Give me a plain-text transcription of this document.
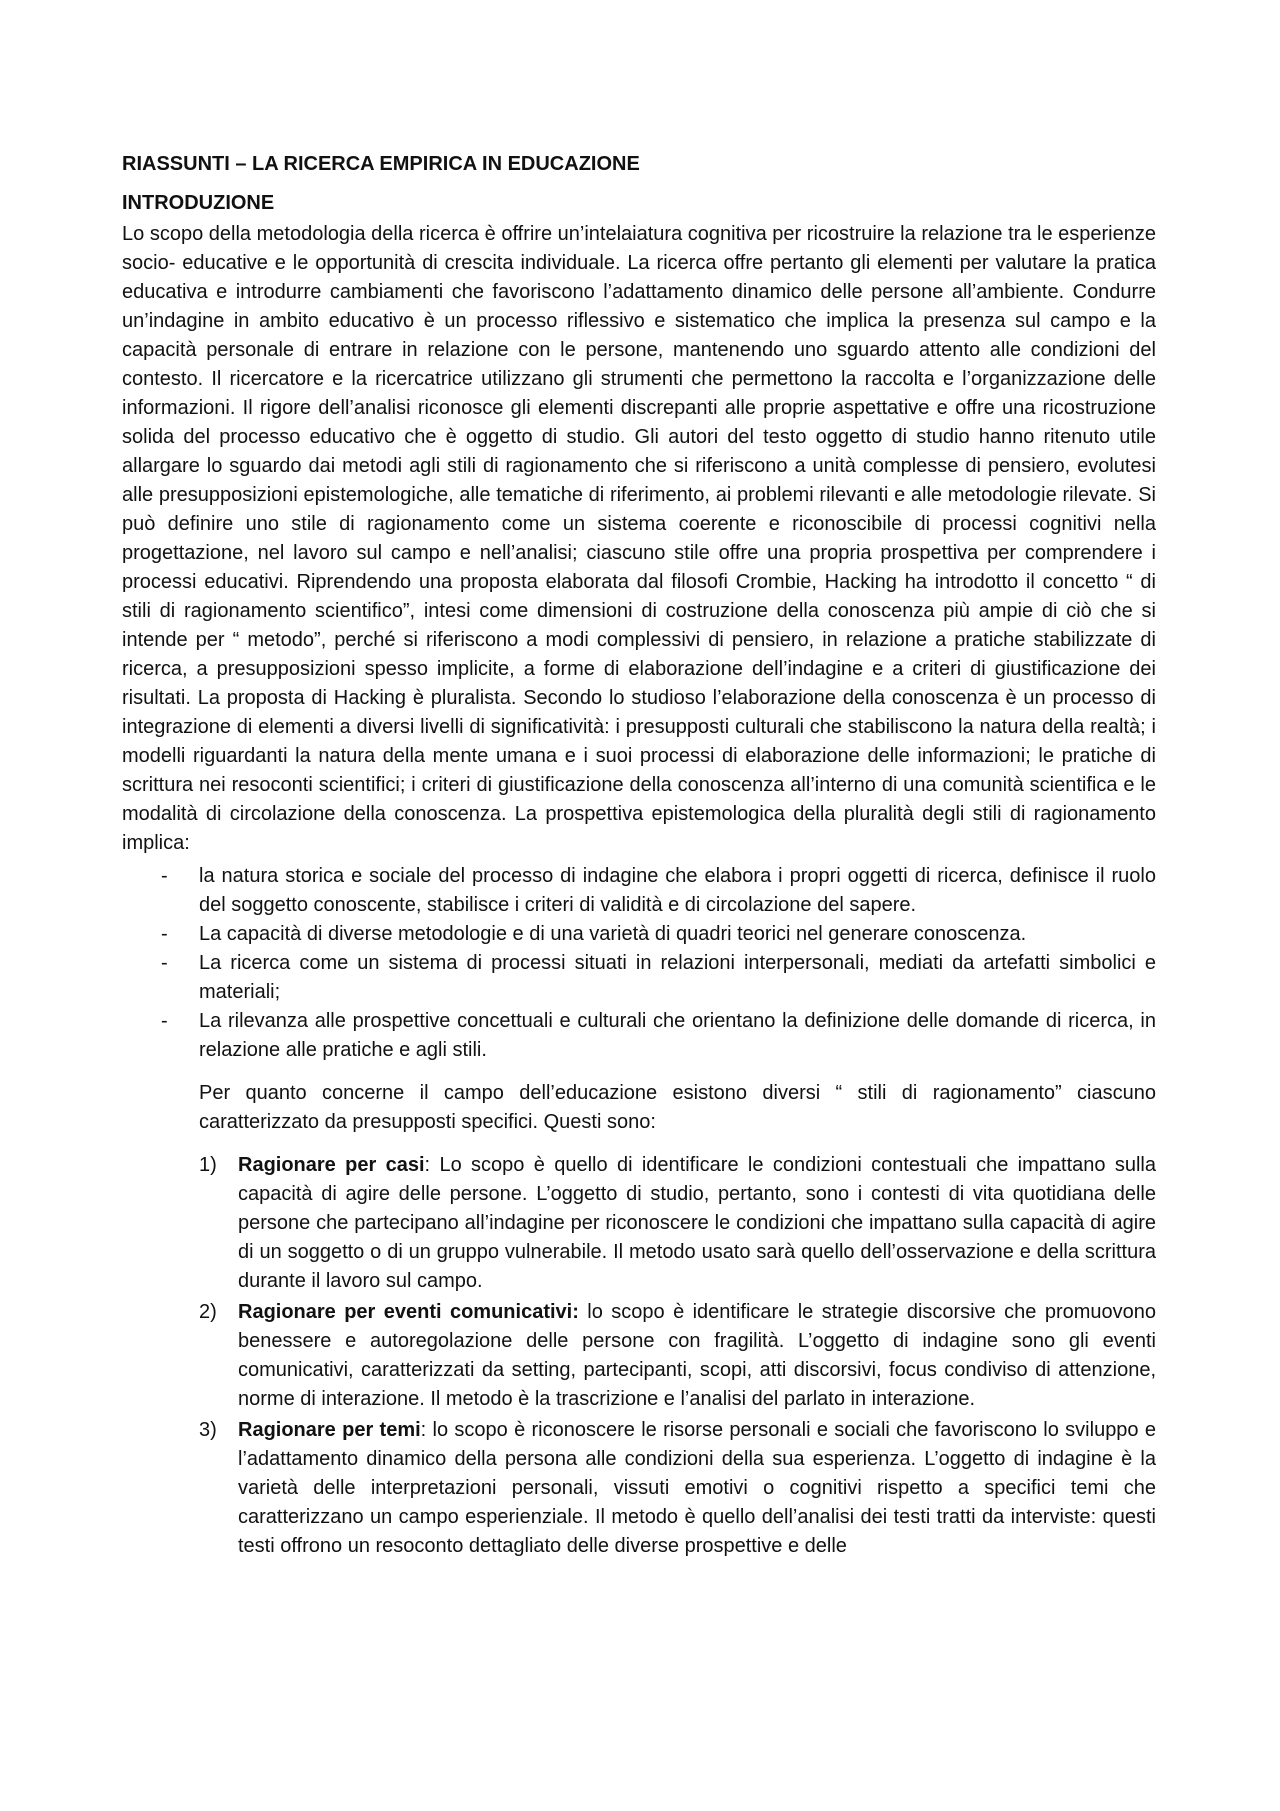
RIASSUNTI – LA RICERCA EMPIRICA IN EDUCAZIONE
INTRODUZIONE

Lo scopo della metodologia della ricerca è offrire un’intelaiatura cognitiva per ricostruire la relazione tra le esperienze socio- educative e le opportunità di crescita individuale. La ricerca offre pertanto gli elementi per valutare la pratica educativa e introdurre cambiamenti che favoriscono l’adattamento dinamico delle persone all’ambiente. Condurre un’indagine in ambito educativo è un processo riflessivo e sistematico che implica la presenza sul campo e la capacità personale di entrare in relazione con le persone, mantenendo uno sguardo attento alle condizioni del contesto. Il ricercatore e la ricercatrice utilizzano gli strumenti che permettono la raccolta e l’organizzazione delle informazioni. Il rigore dell’analisi riconosce gli elementi discrepanti alle proprie aspettative e offre una ricostruzione solida del processo educativo che è oggetto di studio. Gli autori del testo oggetto di studio hanno ritenuto utile allargare lo sguardo dai metodi agli stili di ragionamento che si riferiscono a unità complesse di pensiero, evolutesi alle presupposizioni epistemologiche, alle tematiche di riferimento, ai problemi rilevanti e alle metodologie rilevate. Si può definire uno stile di ragionamento come un sistema coerente e riconoscibile di processi cognitivi nella progettazione, nel lavoro sul campo e nell’analisi; ciascuno stile offre una propria prospettiva per comprendere i processi educativi. Riprendendo una proposta elaborata dal filosofi Crombie, Hacking ha introdotto il concetto “ di stili di ragionamento scientifico”, intesi come dimensioni di costruzione della conoscenza più ampie di ciò che si intende per “ metodo”, perché si riferiscono a modi complessivi di pensiero, in relazione a pratiche stabilizzate di ricerca, a presupposizioni spesso implicite, a forme di elaborazione dell’indagine e a criteri di giustificazione dei risultati. La proposta di Hacking è pluralista. Secondo lo studioso l’elaborazione della conoscenza è un processo di integrazione di elementi a diversi livelli di significatività: i presupposti culturali che stabiliscono la natura della realtà; i modelli riguardanti la natura della mente umana e i suoi processi di elaborazione delle informazioni; le pratiche di scrittura nei resoconti scientifici; i criteri di giustificazione della conoscenza all’interno di una comunità scientifica e le modalità di circolazione della conoscenza. La prospettiva epistemologica della pluralità degli stili di ragionamento implica:

- la natura storica e sociale del processo di indagine che elabora i propri oggetti di ricerca, definisce il ruolo del soggetto conoscente, stabilisce i criteri di validità e di circolazione del sapere.
- La capacità di diverse metodologie e di una varietà di quadri teorici nel generare conoscenza.
- La ricerca come un sistema di processi situati in relazioni interpersonali, mediati da artefatti simbolici e materiali;
- La rilevanza alle prospettive concettuali e culturali che orientano la definizione delle domande di ricerca, in relazione alle pratiche e agli stili.

Per quanto concerne il campo dell’educazione esistono diversi “ stili di ragionamento” ciascuno caratterizzato da presupposti specifici. Questi sono:

1) Ragionare per casi: Lo scopo è quello di identificare le condizioni contestuali che impattano sulla capacità di agire delle persone. L’oggetto di studio, pertanto, sono i contesti di vita quotidiana delle persone che partecipano all’indagine per riconoscere le condizioni che impattano sulla capacità di agire di un soggetto o di un gruppo vulnerabile. Il metodo usato sarà quello dell’osservazione e della scrittura durante il lavoro sul campo.
2) Ragionare per eventi comunicativi: lo scopo è identificare le strategie discorsive che promuovono benessere e autoregolazione delle persone con fragilità. L’oggetto di indagine sono gli eventi comunicativi, caratterizzati da setting, partecipanti, scopi, atti discorsivi, focus condiviso di attenzione, norme di interazione. Il metodo è la trascrizione e l’analisi del parlato in interazione.
3) Ragionare per temi: lo scopo è riconoscere le risorse personali e sociali che favoriscono lo sviluppo e l’adattamento dinamico della persona alle condizioni della sua esperienza. L’oggetto di indagine è la varietà delle interpretazioni personali, vissuti emotivi o cognitivi rispetto a specifici temi che caratterizzano un campo esperienziale. Il metodo è quello dell’analisi dei testi tratti da interviste: questi testi offrono un resoconto dettagliato delle diverse prospettive e delle
